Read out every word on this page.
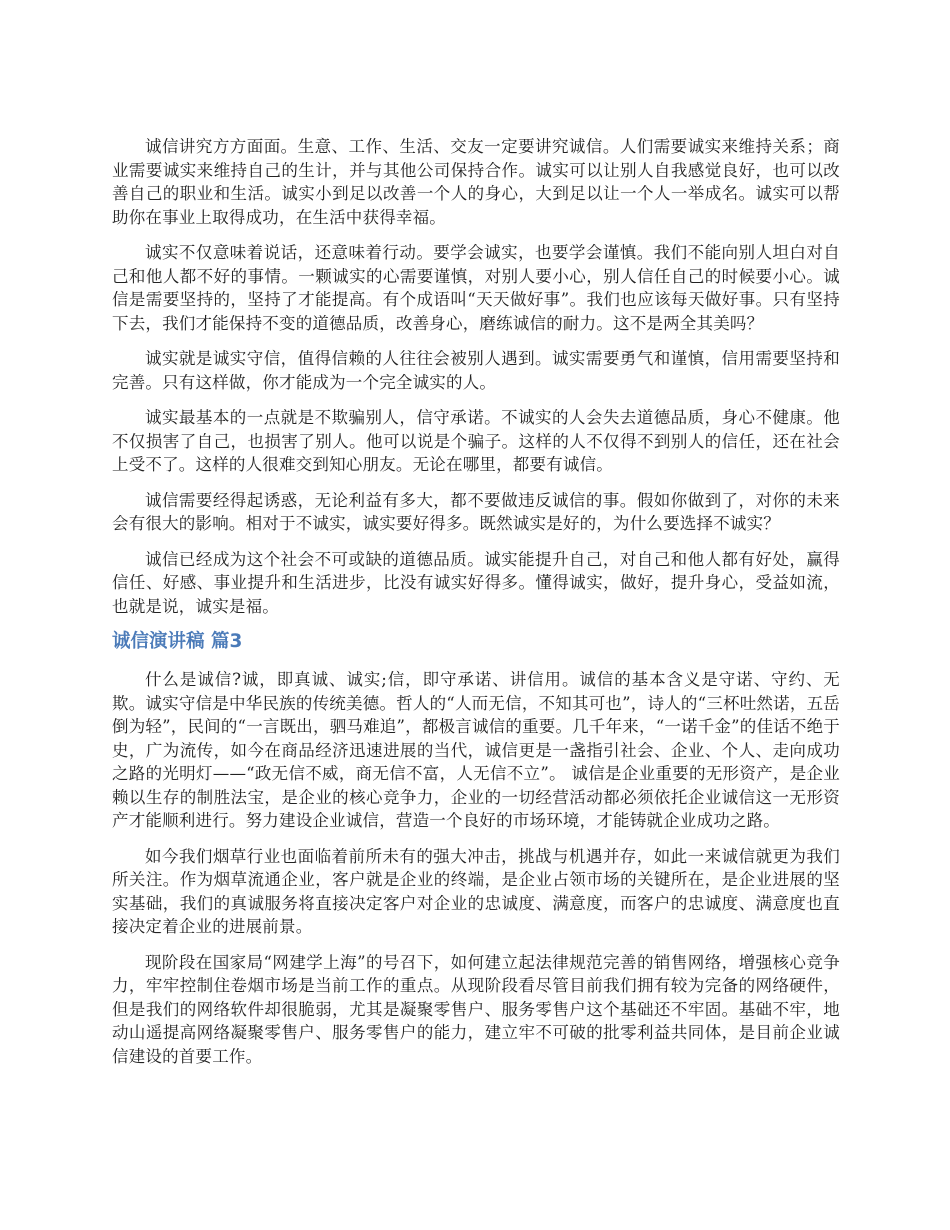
诚信讲究方方面面。生意、工作、生活、交友一定要讲究诚信。人们需要诚实来维持关系；商业需要诚实来维持自己的生计，并与其他公司保持合作。诚实可以让别人自我感觉良好，也可以改善自己的职业和生活。诚实小到足以改善一个人的身心，大到足以让一个人一举成名。诚实可以帮助你在事业上取得成功，在生活中获得幸福。

诚实不仅意味着说话，还意味着行动。要学会诚实，也要学会谨慎。我们不能向别人坦白对自己和他人都不好的事情。一颗诚实的心需要谨慎，对别人要小心，别人信任自己的时候要小心。诚信是需要坚持的，坚持了才能提高。有个成语叫“天天做好事”。我们也应该每天做好事。只有坚持下去，我们才能保持不变的道德品质，改善身心，磨练诚信的耐力。这不是两全其美吗？

诚实就是诚实守信，值得信赖的人往往会被别人遇到。诚实需要勇气和谨慎，信用需要坚持和完善。只有这样做，你才能成为一个完全诚实的人。

诚实最基本的一点就是不欺骗别人，信守承诺。不诚实的人会失去道德品质，身心不健康。他不仅损害了自己，也损害了别人。他可以说是个骗子。这样的人不仅得不到别人的信任，还在社会上受不了。这样的人很难交到知心朋友。无论在哪里，都要有诚信。

诚信需要经得起诱惑，无论利益有多大，都不要做违反诚信的事。假如你做到了，对你的未来会有很大的影响。相对于不诚实，诚实要好得多。既然诚实是好的，为什么要选择不诚实？

诚信已经成为这个社会不可或缺的道德品质。诚实能提升自己，对自己和他人都有好处，赢得信任、好感、事业提升和生活进步，比没有诚实好得多。懂得诚实，做好，提升身心，受益如流，也就是说，诚实是福。

诚信演讲稿 篇3

什么是诚信?诚，即真诚、诚实;信，即守承诺、讲信用。诚信的基本含义是守诺、守约、无欺。诚实守信是中华民族的传统美德。哲人的“人而无信，不知其可也”，诗人的“三杯吐然诺，五岳倒为轻”，民间的“一言既出，驷马难追”，都极言诚信的重要。几千年来，“一诺千金”的佳话不绝于史，广为流传，如今在商品经济迅速进展的当代，诚信更是一盏指引社会、企业、个人、走向成功之路的光明灯——“政无信不威，商无信不富，人无信不立”。 诚信是企业重要的无形资产，是企业赖以生存的制胜法宝，是企业的核心竞争力，企业的一切经营活动都必须依托企业诚信这一无形资产才能顺利进行。努力建设企业诚信，营造一个良好的市场环境，才能铸就企业成功之路。

如今我们烟草行业也面临着前所未有的强大冲击，挑战与机遇并存，如此一来诚信就更为我们所关注。作为烟草流通企业，客户就是企业的终端，是企业占领市场的关键所在，是企业进展的坚实基础，我们的真诚服务将直接决定客户对企业的忠诚度、满意度，而客户的忠诚度、满意度也直接决定着企业的进展前景。

现阶段在国家局“网建学上海”的号召下，如何建立起法律规范完善的销售网络，增强核心竞争力，牢牢控制住卷烟市场是当前工作的重点。从现阶段看尽管目前我们拥有较为完备的网络硬件，但是我们的网络软件却很脆弱，尤其是凝聚零售户、服务零售户这个基础还不牢固。基础不牢，地动山遥提高网络凝聚零售户、服务零售户的能力，建立牢不可破的批零利益共同体，是目前企业诚信建设的首要工作。
